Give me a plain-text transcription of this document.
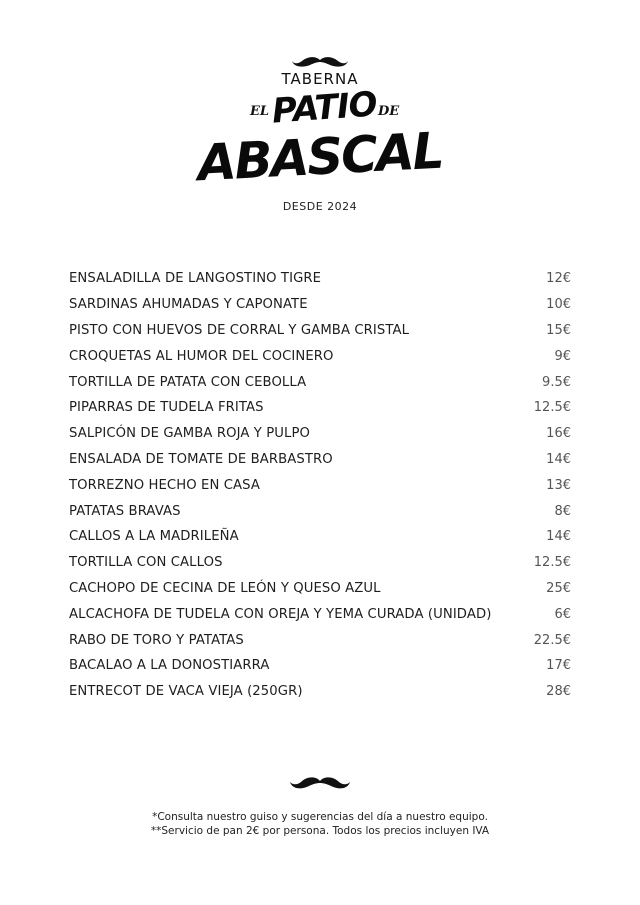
TABERNA
EL PATIO DE
ABASCAL
DESDE 2024
ENSALADILLA DE LANGOSTINO TIGRE	12€
SARDINAS AHUMADAS Y CAPONATE	10€
PISTO CON HUEVOS DE CORRAL Y GAMBA CRISTAL	15€
CROQUETAS AL HUMOR DEL COCINERO	9€
TORTILLA DE PATATA CON CEBOLLA	9.5€
PIPARRAS DE TUDELA FRITAS	12.5€
SALPICÓN DE GAMBA ROJA Y PULPO	16€
ENSALADA DE TOMATE DE BARBASTRO	14€
TORREZNO HECHO EN CASA	13€
PATATAS BRAVAS	8€
CALLOS A LA MADRILEÑA	14€
TORTILLA CON CALLOS	12.5€
CACHOPO DE CECINA DE LEÓN Y QUESO AZUL	25€
ALCACHOFA DE TUDELA CON OREJA Y YEMA CURADA (UNIDAD)	6€
RABO DE TORO Y PATATAS	22.5€
BACALAO A LA DONOSTIARRA	17€
ENTRECOT DE VACA VIEJA (250GR)	28€
*Consulta nuestro guiso y sugerencias del día a nuestro equipo.
**Servicio de pan 2€ por persona. Todos los precios incluyen IVA
